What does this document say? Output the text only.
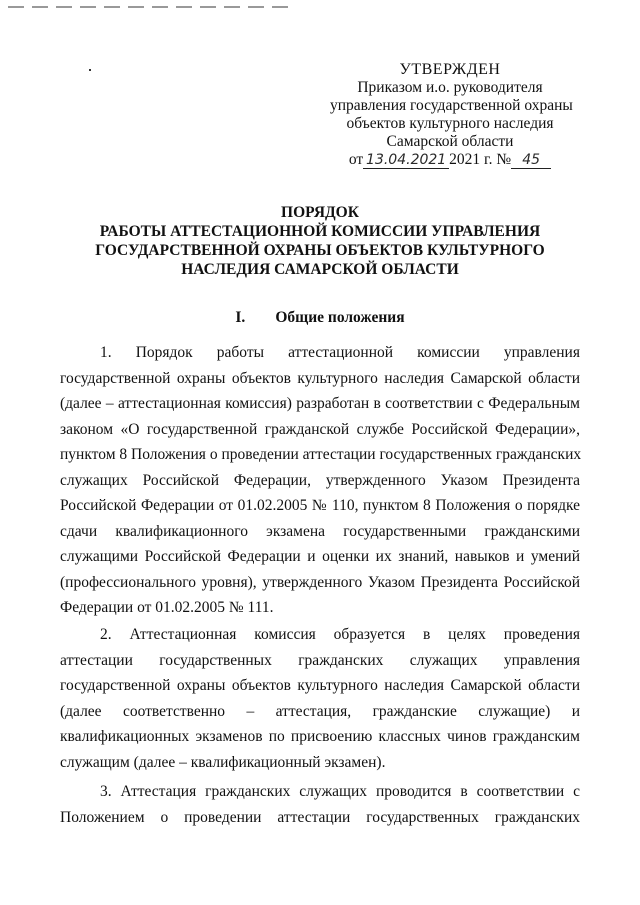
УТВЕРЖДЕН
Приказом и.о. руководителя
управления государственной охраны
объектов культурного наследия
Самарской области
от 13.04.2021 2021 г. № 45
ПОРЯДОК
РАБОТЫ АТТЕСТАЦИОННОЙ КОМИССИИ УПРАВЛЕНИЯ
ГОСУДАРСТВЕННОЙ ОХРАНЫ ОБЪЕКТОВ КУЛЬТУРНОГО
НАСЛЕДИЯ САМАРСКОЙ ОБЛАСТИ
I. Общие положения
1. Порядок работы аттестационной комиссии управления
государственной охраны объектов культурного наследия Самарской области
(далее – аттестационная комиссия) разработан в соответствии с Федеральным
законом «О государственной гражданской службе Российской Федерации»,
пунктом 8 Положения о проведении аттестации государственных гражданских
служащих Российской Федерации, утвержденного Указом Президента
Российской Федерации от 01.02.2005 № 110, пунктом 8 Положения о порядке
сдачи квалификационного экзамена государственными гражданскими
служащими Российской Федерации и оценки их знаний, навыков и умений
(профессионального уровня), утвержденного Указом Президента Российской
Федерации от 01.02.2005 № 111.
2. Аттестационная комиссия образуется в целях проведения
аттестации государственных гражданских служащих управления
государственной охраны объектов культурного наследия Самарской области
(далее соответственно – аттестация, гражданские служащие) и
квалификационных экзаменов по присвоению классных чинов гражданским
служащим (далее – квалификационный экзамен).
3. Аттестация гражданских служащих проводится в соответствии с
Положением о проведении аттестации государственных гражданских
